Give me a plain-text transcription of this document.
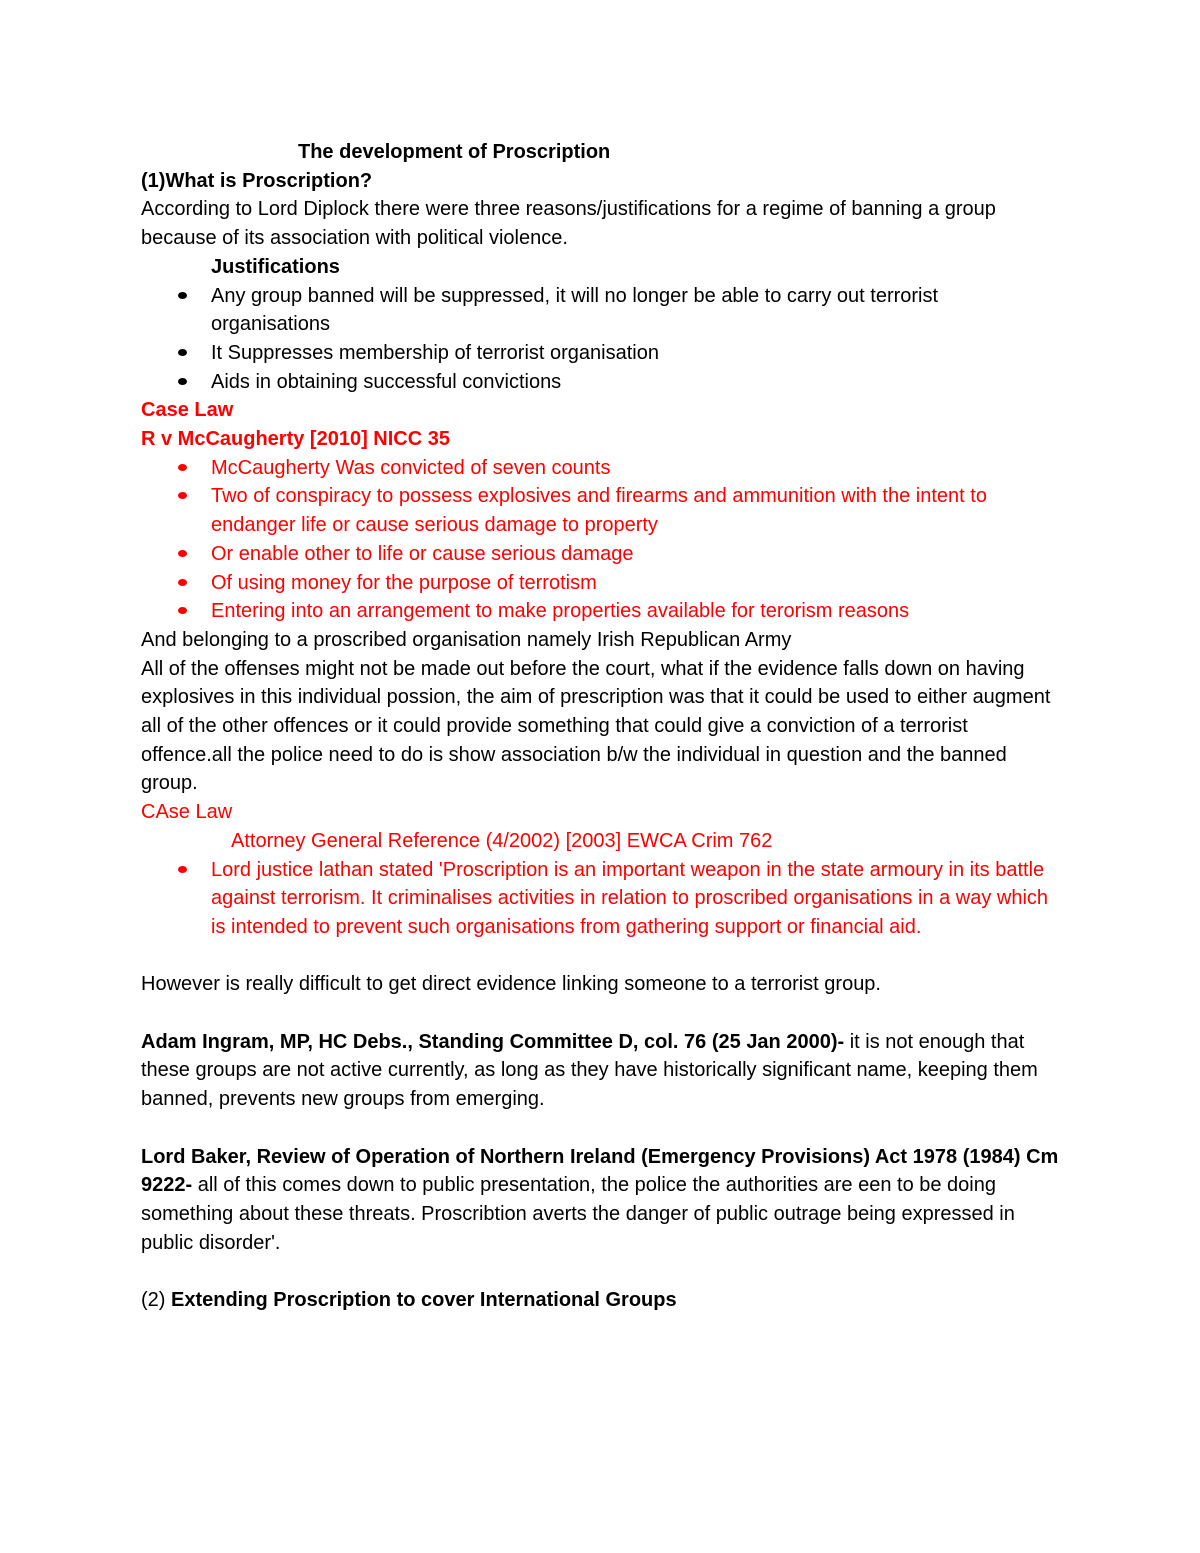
The development of Proscription

(1)What is Proscription?

According to Lord Diplock there were three reasons/justifications for a regime of banning a group because of its association with political violence.

Justifications

Any group banned will be suppressed, it will no longer be able to carry out terrorist organisations
It Suppresses membership of terrorist organisation
Aids in obtaining successful convictions

Case Law

R v McCaugherty [2010] NICC 35

McCaugherty Was convicted of seven counts
Two of conspiracy to possess explosives and firearms and ammunition with the intent to endanger life or cause serious damage to property
Or enable other to life or cause serious damage
Of using money for the purpose of terrotism
Entering into an arrangement to make properties available for terorism reasons

And belonging to a proscribed organisation namely Irish Republican Army

All of the offenses might not be made out before the court, what if the evidence falls down on having explosives in this individual possion, the aim of prescription was that it could be used to either augment all of the other offences or it could provide something that could give a conviction of a terrorist offence.all the police need to do is show association b/w the individual in question and the banned group.

CAse Law

Attorney General Reference (4/2002) [2003] EWCA Crim 762

Lord justice lathan stated 'Proscription is an important weapon in the state armoury in its battle against terrorism. It criminalises activities in relation to proscribed organisations in a way which is intended to prevent such organisations from gathering support or financial aid.

However is really difficult to get direct evidence linking someone to a terrorist group.

Adam Ingram, MP, HC Debs., Standing Committee D, col. 76 (25 Jan 2000)- it is not enough that these groups are not active currently, as long as they have historically significant name, keeping them banned, prevents new groups from emerging.

Lord Baker, Review of Operation of Northern Ireland (Emergency Provisions) Act 1978 (1984) Cm 9222- all of this comes down to public presentation, the police the authorities are een to be doing something about these threats. Proscribtion averts the danger of public outrage being expressed in public disorder'.

(2) Extending Proscription to cover International Groups
